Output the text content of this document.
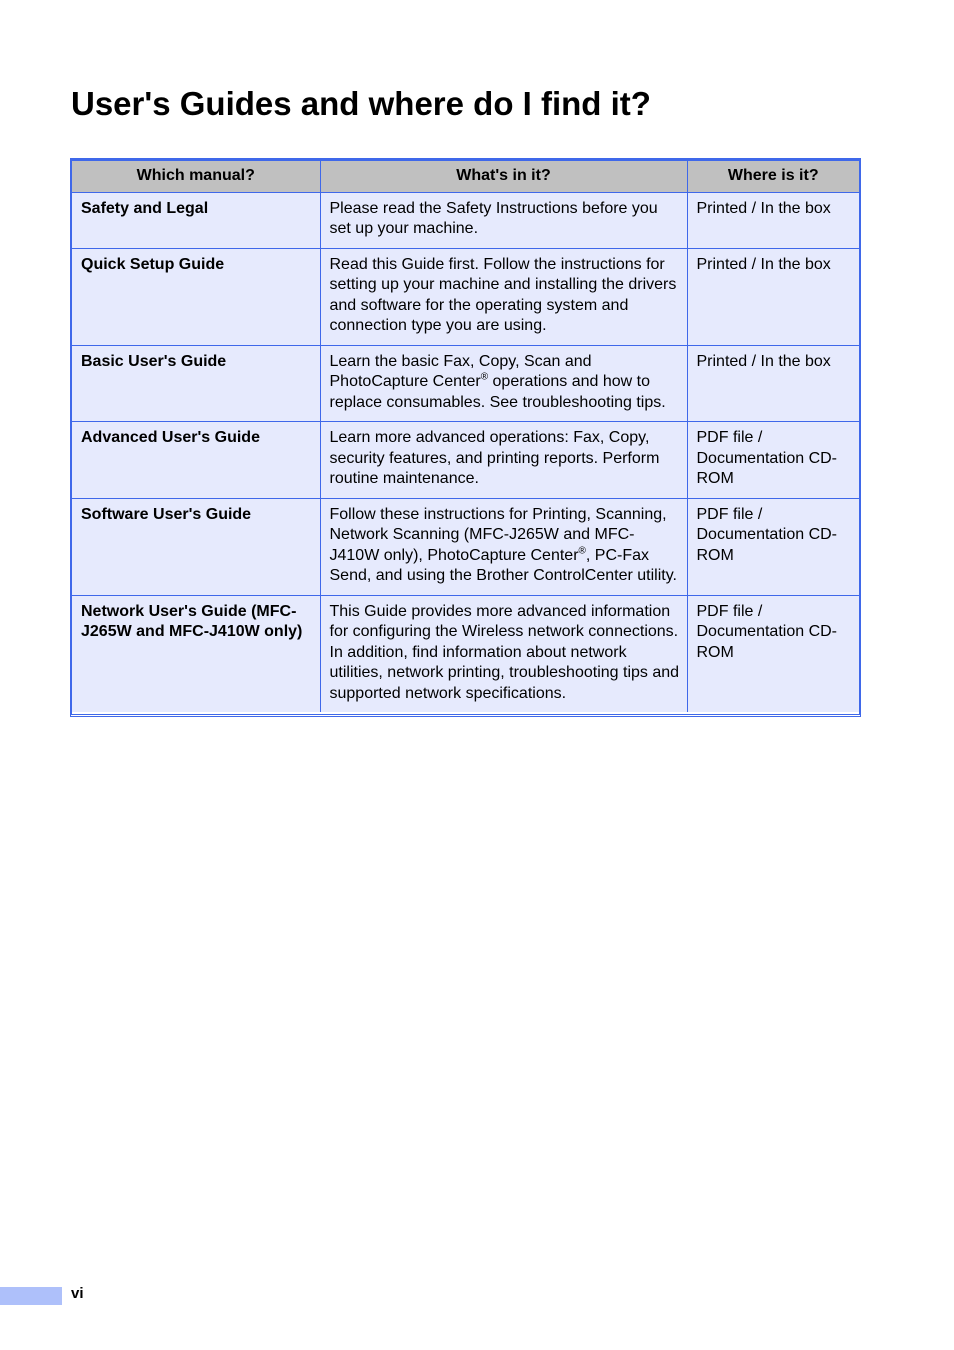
User's Guides and where do I find it?
Which manual?	What's in it?	Where is it?
Safety and Legal	Please read the Safety Instructions before you set up your machine.	Printed / In the box
Quick Setup Guide	Read this Guide first. Follow the instructions for setting up your machine and installing the drivers and software for the operating system and connection type you are using.	Printed / In the box
Basic User's Guide	Learn the basic Fax, Copy, Scan and PhotoCapture Center® operations and how to replace consumables. See troubleshooting tips.	Printed / In the box
Advanced User's Guide	Learn more advanced operations: Fax, Copy, security features, and printing reports. Perform routine maintenance.	PDF file / Documentation CD-ROM
Software User's Guide	Follow these instructions for Printing, Scanning, Network Scanning (MFC-J265W and MFC-J410W only), PhotoCapture Center®, PC-Fax Send, and using the Brother ControlCenter utility.	PDF file / Documentation CD-ROM
Network User's Guide (MFC-J265W and MFC-J410W only)	This Guide provides more advanced information for configuring the Wireless network connections. In addition, find information about network utilities, network printing, troubleshooting tips and supported network specifications.	PDF file / Documentation CD-ROM
vi
